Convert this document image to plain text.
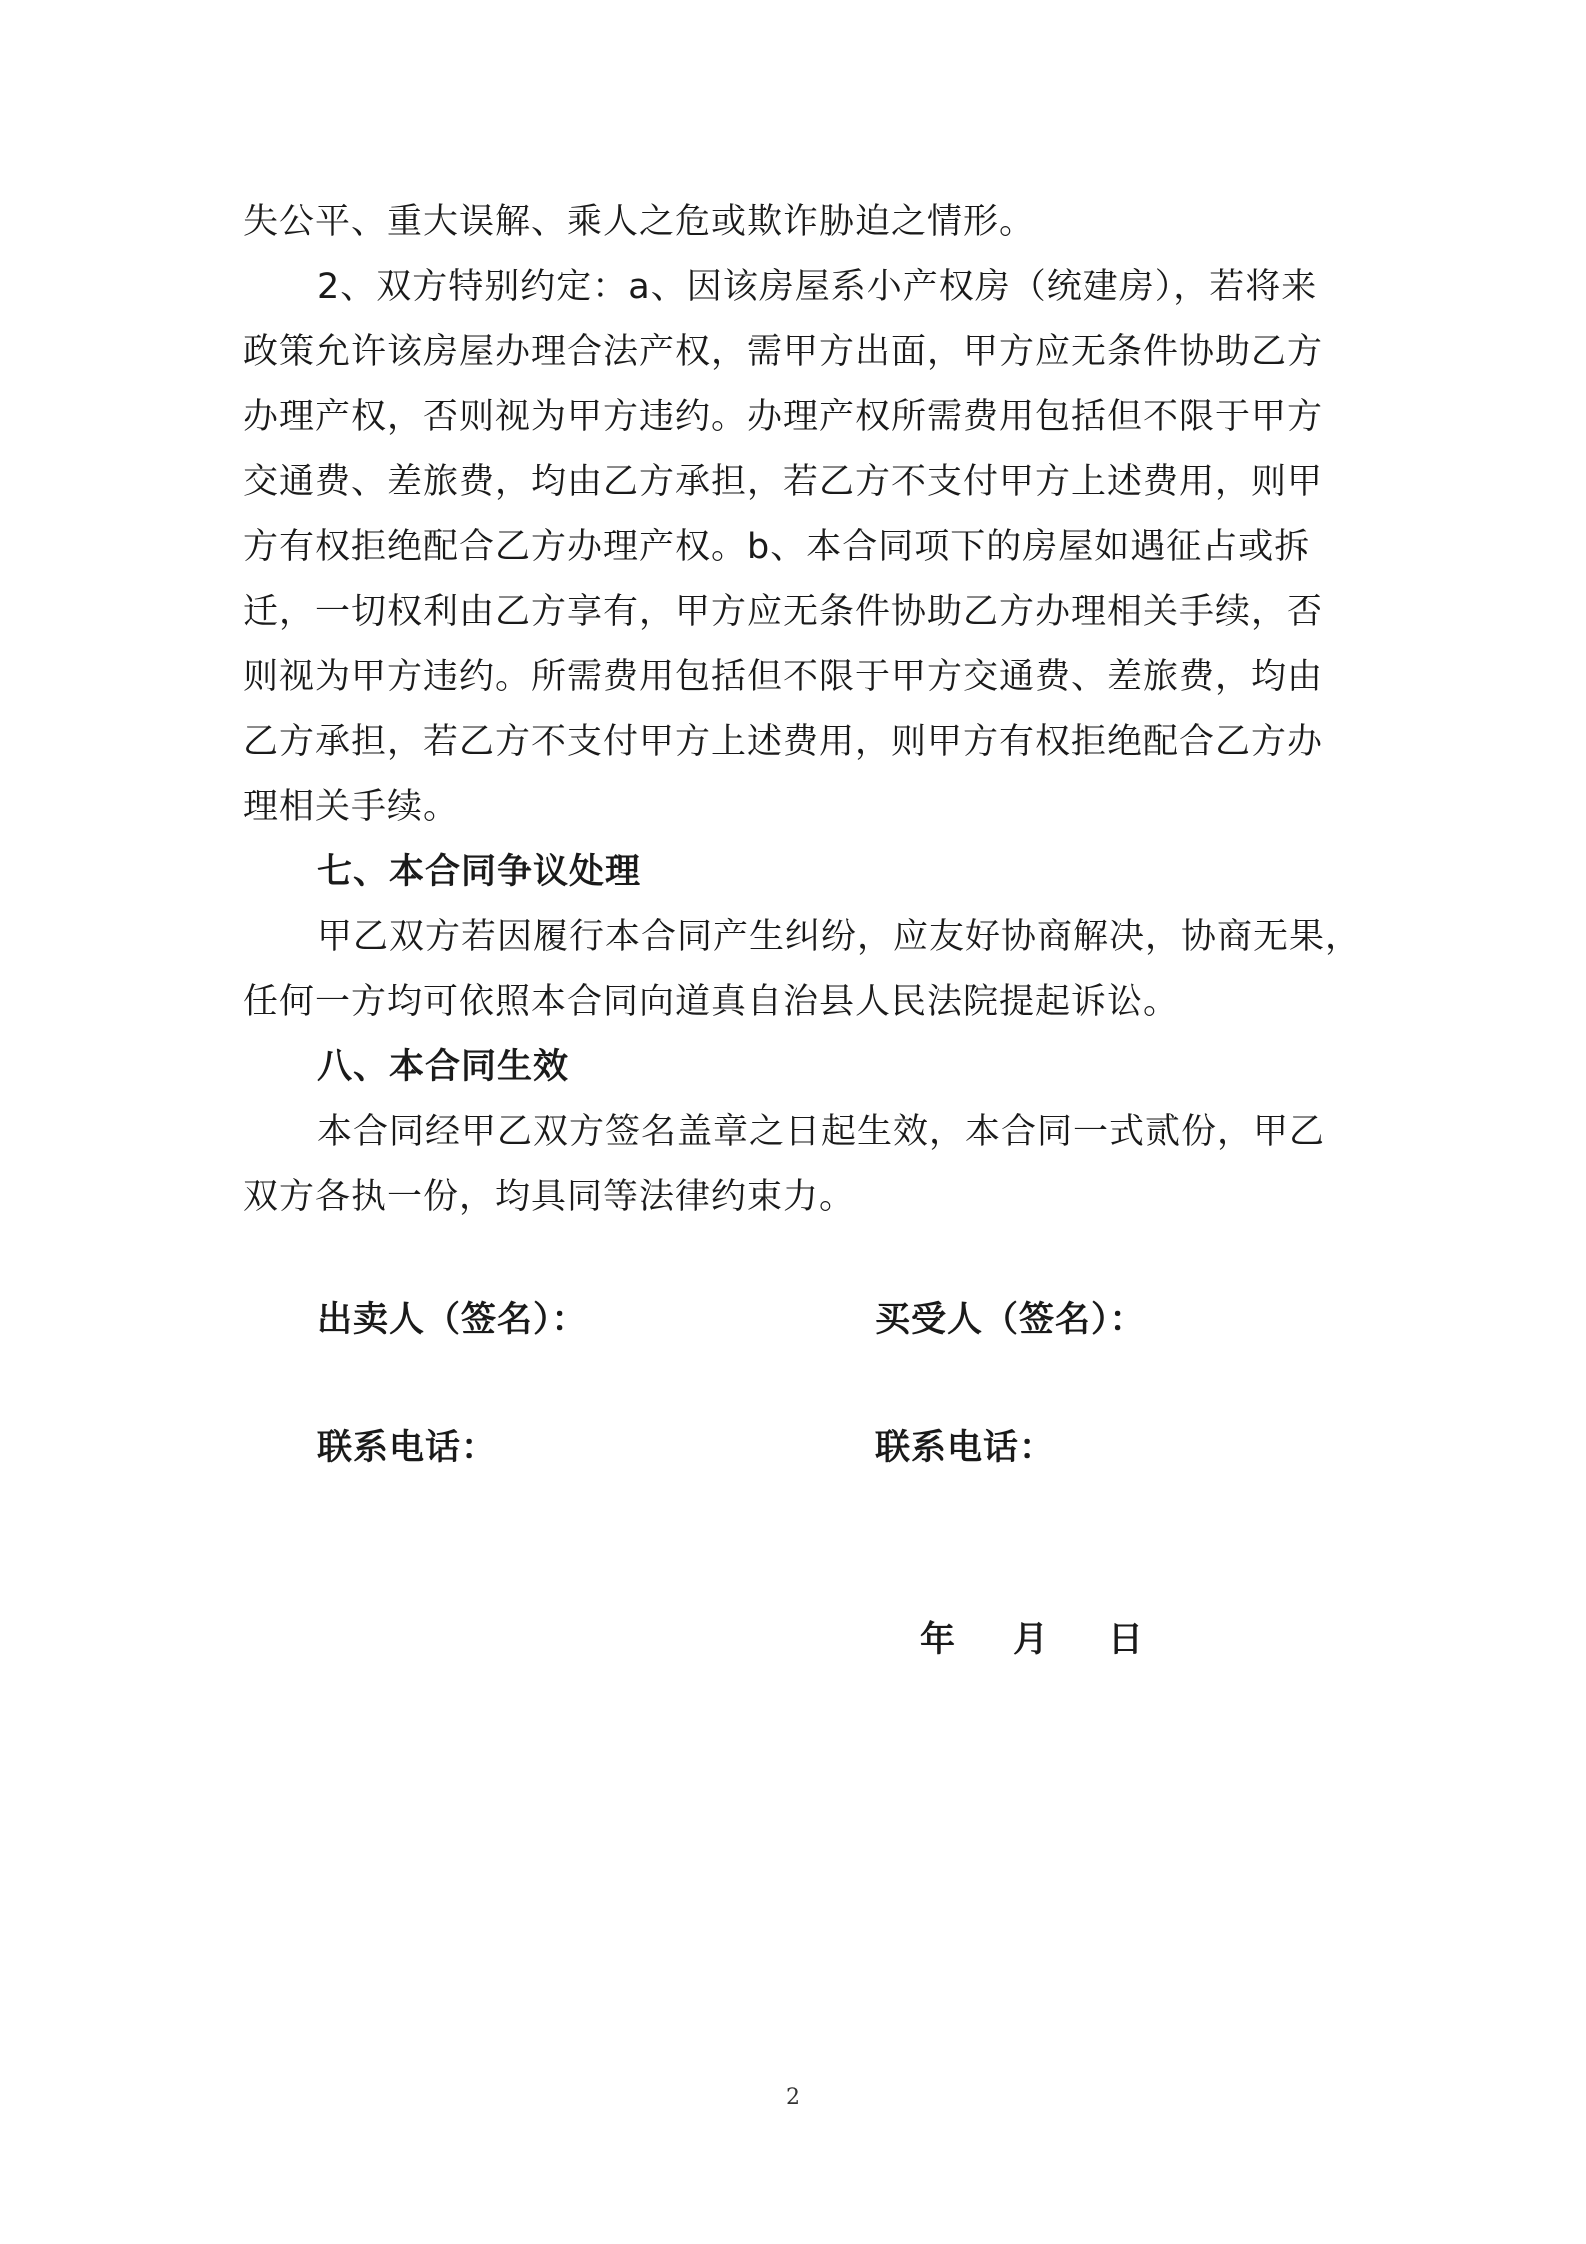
失公平、重大误解、乘人之危或欺诈胁迫之情形。
2、双方特别约定：a、因该房屋系小产权房（统建房），若将来
政策允许该房屋办理合法产权，需甲方出面，甲方应无条件协助乙方
办理产权，否则视为甲方违约。办理产权所需费用包括但不限于甲方
交通费、差旅费，均由乙方承担，若乙方不支付甲方上述费用，则甲
方有权拒绝配合乙方办理产权。b、本合同项下的房屋如遇征占或拆
迁，一切权利由乙方享有，甲方应无条件协助乙方办理相关手续，否
则视为甲方违约。所需费用包括但不限于甲方交通费、差旅费，均由
乙方承担，若乙方不支付甲方上述费用，则甲方有权拒绝配合乙方办
理相关手续。
七、本合同争议处理
甲乙双方若因履行本合同产生纠纷，应友好协商解决，协商无果，
任何一方均可依照本合同向道真自治县人民法院提起诉讼。
八、本合同生效
本合同经甲乙双方签名盖章之日起生效，本合同一式贰份，甲乙
双方各执一份，均具同等法律约束力。
出卖人（签名）：	买受人（签名）：
联系电话：	联系电话：
年 月 日
2
